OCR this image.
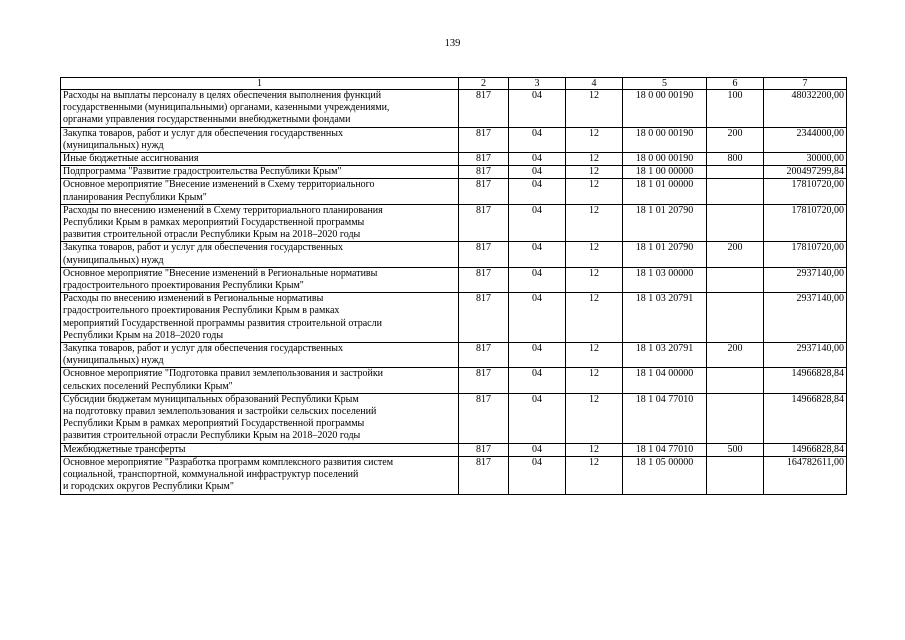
139
1	2	3	4	5	6	7

Расходы на выплаты персоналу в целях обеспечения выполнения функций
государственными (муниципальными) органами, казенными учреждениями,
органами управления государственными внебюджетными фондами	817	04	12	18 0 00 00190	100	48032200,00

Закупка товаров, работ и услуг для обеспечения государственных
(муниципальных) нужд	817	04	12	18 0 00 00190	200	2344000,00

Иные бюджетные ассигнования	817	04	12	18 0 00 00190	800	30000,00

Подпрограмма "Развитие градостроительства Республики Крым"	817	04	12	18 1 00 00000		200497299,84

Основное мероприятие "Внесение изменений в Схему территориального
планирования Республики Крым"	817	04	12	18 1 01 00000		17810720,00

Расходы по внесению изменений в Схему территориального планирования
Республики Крым в рамках мероприятий Государственной программы
развития строительной отрасли Республики Крым на 2018–2020 годы	817	04	12	18 1 01 20790		17810720,00

Закупка товаров, работ и услуг для обеспечения государственных
(муниципальных) нужд	817	04	12	18 1 01 20790	200	17810720,00

Основное мероприятие "Внесение изменений в Региональные нормативы
градостроительного проектирования Республики Крым"	817	04	12	18 1 03 00000		2937140,00

Расходы по внесению изменений в Региональные нормативы
градостроительного проектирования Республики Крым в рамках
мероприятий Государственной программы развития строительной отрасли
Республики Крым на 2018–2020 годы	817	04	12	18 1 03 20791		2937140,00

Закупка товаров, работ и услуг для обеспечения государственных
(муниципальных) нужд	817	04	12	18 1 03 20791	200	2937140,00

Основное мероприятие "Подготовка правил землепользования и застройки
сельских поселений Республики Крым"	817	04	12	18 1 04 00000		14966828,84

Субсидии бюджетам муниципальных образований Республики Крым
на подготовку правил землепользования и застройки сельских поселений
Республики Крым в рамках мероприятий Государственной программы
развития строительной отрасли Республики Крым на 2018–2020 годы	817	04	12	18 1 04 77010		14966828,84

Межбюджетные трансферты	817	04	12	18 1 04 77010	500	14966828,84

Основное мероприятие "Разработка программ комплексного развития систем
социальной, транспортной, коммунальной инфраструктур поселений
и городских округов Республики Крым"	817	04	12	18 1 05 00000		164782611,00
